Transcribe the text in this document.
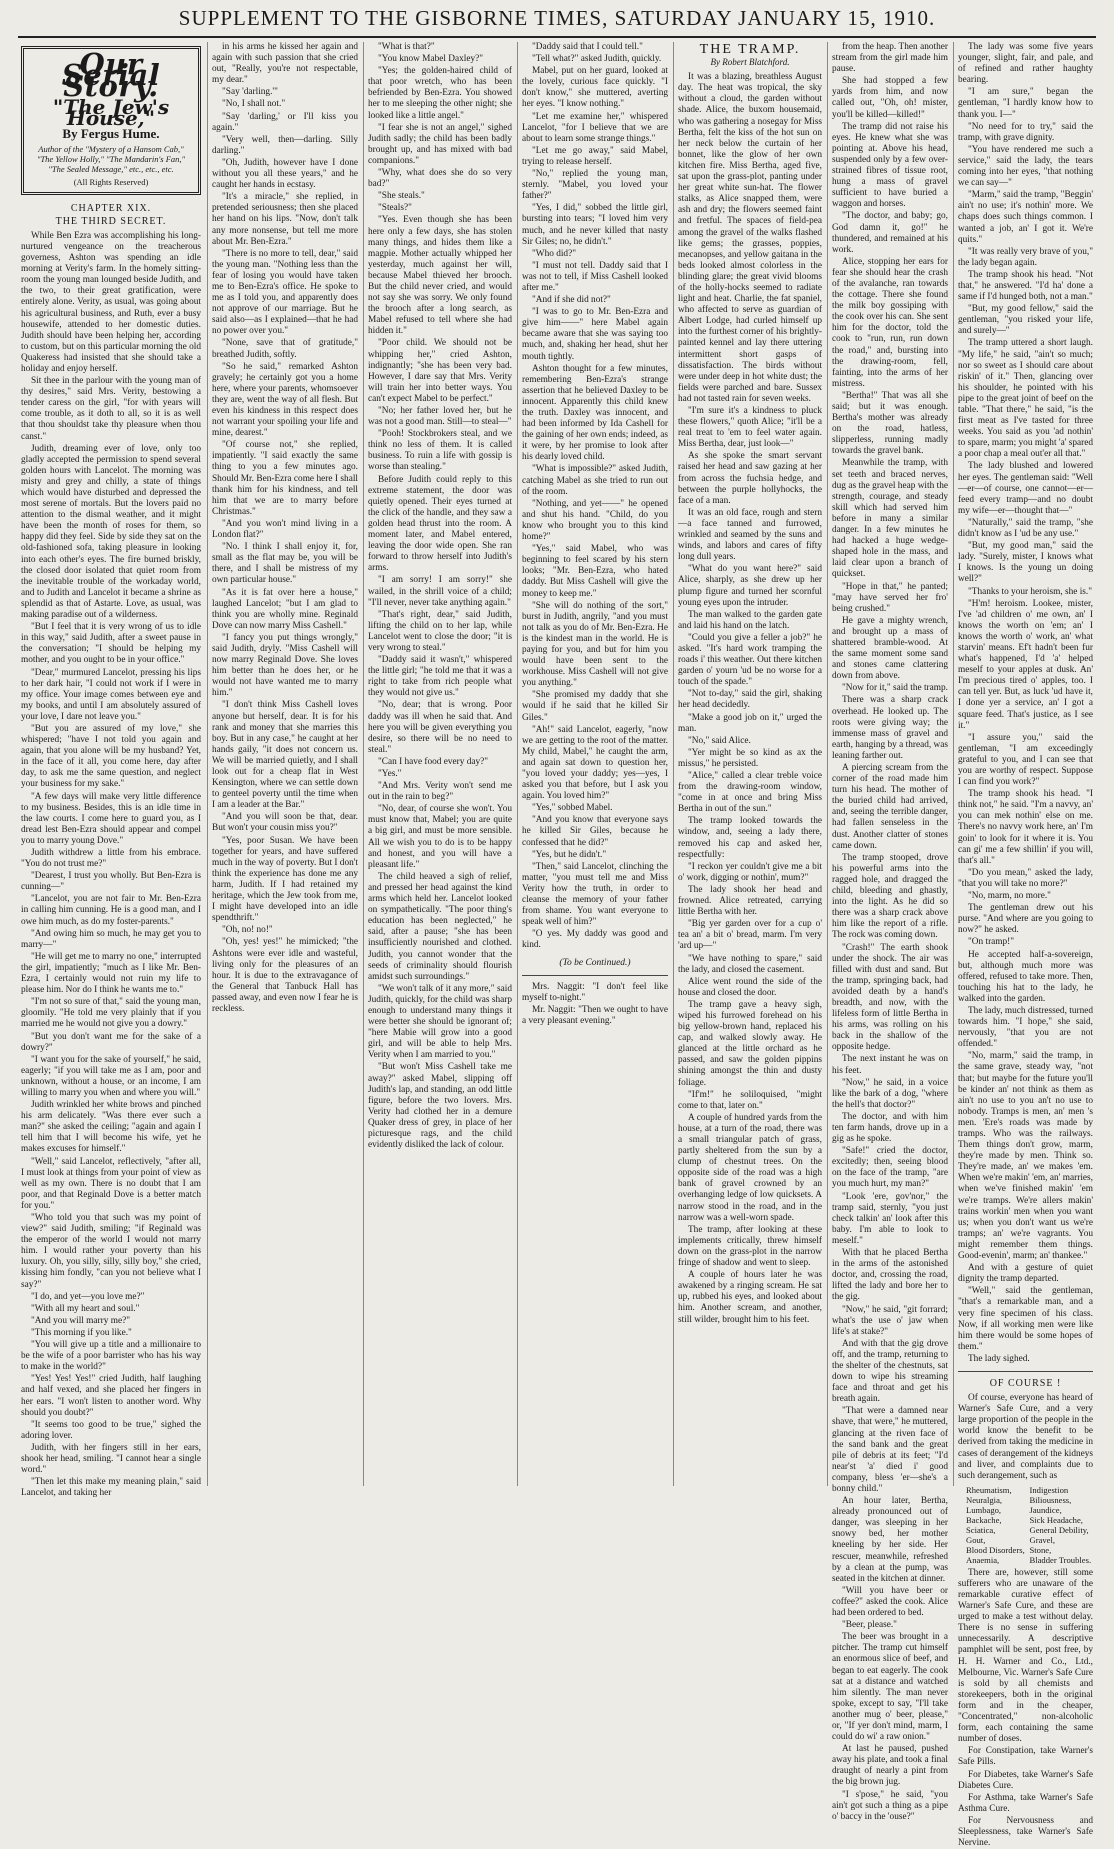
SUPPLEMENT TO THE GISBORNE TIMES, SATURDAY JANUARY 15, 1910.
Our Serial Story.
"The Jew's House,"
By Fergus Hume.
Author of the "Mystery of a Hansom Cab," "The Yellow Holly," "The Mandarin's Fan," "The Sealed Message," etc., etc., etc.
(All Rights Reserved)
CHAPTER XIX.
THE THIRD SECRET.

While Ben Ezra was accomplishing his long-nurtured vengeance on the treacherous governess, Ashton was spending an idle morning at Verity's farm. In the homely sitting-room the young man lounged beside Judith, and the two, to their great gratification, were entirely alone. Verity, as usual, was going about his agricultural business, and Ruth, ever a busy housewife, attended to her domestic duties. Judith should have been helping her, according to custom, but on this particular morning the old Quakeress had insisted that she should take a holiday and enjoy herself.

Sit thee in the parlour with the young man of thy desires," said Mrs. Verity, bestowing a tender caress on the girl, "for with years will come trouble, as it doth to all, so it is as well that thou shouldst take thy pleasure when thou canst."

Judith, dreaming ever of love, only too gladly accepted the permission to spend several golden hours with Lancelot. The morning was misty and grey and chilly, a state of things which would have disturbed and depressed the most serene of mortals. But the lovers paid no attention to the dismal weather, and it might have been the month of roses for them, so happy did they feel. Side by side they sat on the old-fashioned sofa, taking pleasure in looking into each other's eyes. The fire burned briskly, the closed door isolated that quiet room from the inevitable trouble of the workaday world, and to Judith and Lancelot it became a shrine as splendid as that of Astarte. Love, as usual, was making paradise out of a wilderness.

"But I feel that it is very wrong of us to idle in this way," said Judith, after a sweet pause in the conversation; "I should be helping my mother, and you ought to be in your office."

"Dear," murmured Lancelot, pressing his lips to her dark hair, "I could not work if I were in my office. Your image comes between eye and my books, and until I am absolutely assured of your love, I dare not leave you."

"But you are assured of my love," she whispered; "have I not told you again and again, that you alone will be my husband? Yet, in the face of it all, you come here, day after day, to ask me the same question, and neglect your business for my sake."

"A few days will make very little difference to my business. Besides, this is an idle time in the law courts. I come here to guard you, as I dread lest Ben-Ezra should appear and compel you to marry young Dove."

Judith withdrew a little from his embrace. "You do not trust me?"

"Dearest, I trust you wholly. But Ben-Ezra is cunning—"

"Lancelot, you are not fair to Mr. Ben-Ezra in calling him cunning. He is a good man, and I owe him much, as do my foster-parents."

"And owing him so much, he may get you to marry—"

"He will get me to marry no one," interrupted the girl, impatiently; "much as I like Mr. Ben-Ezra, I certainly would not ruin my life to please him. Nor do I think he wants me to."

"I'm not so sure of that," said the young man, gloomily. "He told me very plainly that if you married me he would not give you a dowry."

"But you don't want me for the sake of a dowry?"

"I want you for the sake of yourself," he said, eagerly; "if you will take me as I am, poor and unknown, without a house, or an income, I am willing to marry you when and where you will."

Judith wrinkled her white brows and pinched his arm delicately. "Was there ever such a man?" she asked the ceiling; "again and again I tell him that I will become his wife, yet he makes excuses for himself."

"Well," said Lancelot, reflectively, "after all, I must look at things from your point of view as well as my own. There is no doubt that I am poor, and that Reginald Dove is a better match for you."

"Who told you that such was my point of view?" said Judith, smiling; "if Reginald was the emperor of the world I would not marry him. I would rather your poverty than his luxury. Oh, you silly, silly, silly boy," she cried, kissing him fondly, "can you not believe what I say?"

"I do, and yet—you love me?"

"With all my heart and soul."

"And you will marry me?"

"This morning if you like."

"You will give up a title and a millionaire to be the wife of a poor barrister who has his way to make in the world?"

"Yes! Yes! Yes!" cried Judith, half laughing and half vexed, and she placed her fingers in her ears. "I won't listen to another word. Why should you doubt?"

"It seems too good to be true," sighed the adoring lover.

Judith, with her fingers still in her ears, shook her head, smiling. "I cannot hear a single word."

"Then let this make my meaning plain," said Lancelot, and taking her

in his arms he kissed her again and again with such passion that she cried out, "Really, you're not respectable, my dear."

"Say 'darling.'"

"No, I shall not."

"Say 'darling,' or I'll kiss you again."

"Very well, then—darling. Silly darling."

"Oh, Judith, however have I done without you all these years," and he caught her hands in ecstasy.

"It's a miracle," she replied, in pretended seriousness; then she placed her hand on his lips. "Now, don't talk any more nonsense, but tell me more about Mr. Ben-Ezra."

"There is no more to tell, dear," said the young man. "Nothing less than the fear of losing you would have taken me to Ben-Ezra's office. He spoke to me as I told you, and apparently does not approve of our marriage. But he said also—as I explained—that he had no power over you."

"None, save that of gratitude," breathed Judith, softly.

"So he said," remarked Ashton gravely; he certainly got you a home here, where your parents, whomsoever they are, went the way of all flesh. But even his kindness in this respect does not warrant your spoiling your life and mine, dearest."

"Of course not," she replied, impatiently. "I said exactly the same thing to you a few minutes ago. Should Mr. Ben-Ezra come here I shall thank him for his kindness, and tell him that we are to marry before Christmas."

"And you won't mind living in a London flat?"

"No. I think I shall enjoy it, for, small as the flat may be, you will be there, and I shall be mistress of my own particular house."

"As it is fat over here a house," laughed Lancelot; "but I am glad to think you are wholly mine. Reginald Dove can now marry Miss Cashell."

"I fancy you put things wrongly," said Judith, dryly. "Miss Cashell will now marry Reginald Dove. She loves him better than he does her, or he would not have wanted me to marry him."

"I don't think Miss Cashell loves anyone but herself, dear. It is for his rank and money that she marries this boy. But in any case," he caught at her hands gaily, "it does not concern us. We will be married quietly, and I shall look out for a cheap flat in West Kensington, where we can settle down to genteel poverty until the time when I am a leader at the Bar."

"And you will soon be that, dear. But won't your cousin miss you?"

"Yes, poor Susan. We have been together for years, and have suffered much in the way of poverty. But I don't think the experience has done me any harm, Judith. If I had retained my heritage, which the Jew took from me, I might have developed into an idle spendthrift."

"Oh, no! no!"

"Oh, yes! yes!" he mimicked; "the Ashtons were ever idle and wasteful, living only for the pleasures of an hour. It is due to the extravagance of the General that Tanbuck Hall has passed away, and even now I fear he is reckless.

"What is that?"

"You know Mabel Daxley?"

"Yes; the golden-haired child of that poor wretch, who has been befriended by Ben-Ezra. You showed her to me sleeping the other night; she looked like a little angel."

"I fear she is not an angel," sighed Judith sadly; the child has been badly brought up, and has mixed with bad companions."

"Why, what does she do so very bad?"

"She steals."

"Steals?"

"Yes. Even though she has been here only a few days, she has stolen many things, and hides them like a magpie. Mother actually whipped her yesterday, much against her will, because Mabel thieved her brooch. But the child never cried, and would not say she was sorry. We only found the brooch after a long search, as Mabel refused to tell where she had hidden it."

"Poor child. We should not be whipping her," cried Ashton, indignantly; "she has been very bad. However, I dare say that Mrs. Verity will train her into better ways. You can't expect Mabel to be perfect."

"No; her father loved her, but he was not a good man. Still—to steal—"

"Pooh! Stockbrokers steal, and we think no less of them. It is called business. To ruin a life with gossip is worse than stealing."

Before Judith could reply to this extreme statement, the door was quietly opened. Their eyes turned at the click of the handle, and they saw a golden head thrust into the room. A moment later, and Mabel entered, leaving the door wide open. She ran forward to throw herself into Judith's arms.

"I am sorry! I am sorry!" she wailed, in the shrill voice of a child; "I'll never, never take anything again."

"That's right, dear," said Judith, lifting the child on to her lap, while Lancelot went to close the door; "it is very wrong to steal."

"Daddy said it wasn't," whispered the little girl; "he told me that it was a right to take from rich people what they would not give us."

"No, dear; that is wrong. Poor daddy was ill when he said that. And here you will be given everything you desire, so there will be no need to steal."

"Can I have food every day?"

"Yes."

"And Mrs. Verity won't send me out in the rain to beg?"

"No, dear, of course she won't. You must know that, Mabel; you are quite a big girl, and must be more sensible. All we wish you to do is to be happy and honest, and you will have a pleasant life."

The child heaved a sigh of relief, and pressed her head against the kind arms which held her. Lancelot looked on sympathetically. "The poor thing's education has been neglected," he said, after a pause; "she has been insufficiently nourished and clothed. Judith, you cannot wonder that the seeds of criminality should flourish amidst such surroundings."

"We won't talk of it any more," said Judith, quickly, for the child was sharp enough to understand many things it were better she should be ignorant of; "here Mabie will grow into a good girl, and will be able to help Mrs. Verity when I am married to you."

"But won't Miss Cashell take me away?" asked Mabel, slipping off Judith's lap, and standing, an odd little figure, before the two lovers. Mrs. Verity had clothed her in a demure Quaker dress of grey, in place of her picturesque rags, and the child evidently disliked the lack of colour.

"Daddy said that I could tell."

"Tell what?" asked Judith, quickly.

Mabel, put on her guard, looked at the lovely, curious face quickly. "I don't know," she muttered, averting her eyes. "I know nothing."

"Let me examine her," whispered Lancelot, "for I believe that we are about to learn some strange things."

"Let me go away," said Mabel, trying to release herself.

"No," replied the young man, sternly. "Mabel, you loved your father?"

"Yes, I did," sobbed the little girl, bursting into tears; "I loved him very much, and he never killed that nasty Sir Giles; no, he didn't."

"Who did?"

"I must not tell. Daddy said that I was not to tell, if Miss Cashell looked after me."

"And if she did not?"

"I was to go to Mr. Ben-Ezra and give him——" here Mabel again became aware that she was saying too much, and, shaking her head, shut her mouth tightly.

Ashton thought for a few minutes, remembering Ben-Ezra's strange assertion that he believed Daxley to be innocent. Apparently this child knew the truth. Daxley was innocent, and had been informed by Ida Cashell for the gaining of her own ends; indeed, as it were, by her promise to look after his dearly loved child.

"What is impossible?" asked Judith, catching Mabel as she tried to run out of the room.

"Nothing, and yet——" he opened and shut his hand. "Child, do you know who brought you to this kind home?"

"Yes," said Mabel, who was beginning to feel scared by his stern looks; "Mr. Ben-Ezra, who hated daddy. But Miss Cashell will give the money to keep me."

"She will do nothing of the sort," burst in Judith, angrily, "and you must not talk as you do of Mr. Ben-Ezra. He is the kindest man in the world. He is paying for you, and but for him you would have been sent to the workhouse. Miss Cashell will not give you anything."

"She promised my daddy that she would if he said that he killed Sir Giles."

"Ah!" said Lancelot, eagerly, "now we are getting to the root of the matter. My child, Mabel," he caught the arm, and again sat down to question her, "you loved your daddy; yes—yes, I asked you that before, but I ask you again. You loved him?"

"Yes," sobbed Mabel.

"And you know that everyone says he killed Sir Giles, because he confessed that he did?"

"Yes, but he didn't."

"Then," said Lancelot, clinching the matter, "you must tell me and Miss Verity how the truth, in order to cleanse the memory of your father from shame. You want everyone to speak well of him?"

"O yes. My daddy was good and kind.

(To be Continued.)

Mrs. Naggit: "I don't feel like myself to-night."

Mr. Naggit: "Then we ought to have a very pleasant evening."

THE TRAMP.
By Robert Blatchford.

It was a blazing, breathless August day. The heat was tropical, the sky without a cloud, the garden without shade. Alice, the buxom housemaid, who was gathering a nosegay for Miss Bertha, felt the kiss of the hot sun on her neck below the curtain of her bonnet, like the glow of her own kitchen fire. Miss Bertha, aged five, sat upon the grass-plot, panting under her great white sun-hat. The flower stalks, as Alice snapped them, were ash and dry; the flowers seemed faint and fretful. The spaces of field-pea among the gravel of the walks flashed like gems; the grasses, poppies, mecanopses, and yellow gaitana in the beds looked almost colorless in the blinding glare; the great vivid blooms of the holly-hocks seemed to radiate light and heat. Charlie, the fat spaniel, who affected to serve as guardian of Albert Lodge, had curled himself up into the furthest corner of his brightly-painted kennel and lay there uttering intermittent short gasps of dissatisfaction. The birds without were under deep in hot white dust; the fields were parched and bare. Sussex had not tasted rain for seven weeks.

"I'm sure it's a kindness to pluck these flowers," quoth Alice; "it'll be a real treat to 'em to feel water again. Miss Bertha, dear, just look—"

As she spoke the smart servant raised her head and saw gazing at her from across the fuchsia hedge, and between the purple hollyhocks, the face of a man.

It was an old face, rough and stern —a face tanned and furrowed, wrinkled and seamed by the suns and winds, and labors and cares of fifty long dull years.

"What do you want here?" said Alice, sharply, as she drew up her plump figure and turned her scornful young eyes upon the intruder.

The man walked to the garden gate and laid his hand on the latch.

"Could you give a feller a job?" he asked. "It's hard work tramping the roads i' this weather. Out there kitchen garden o' yourn 'ud be no worse for a touch of the spade."

"Not to-day," said the girl, shaking her head decidedly.

"Make a good job on it," urged the man.

"No," said Alice.

"Yer might be so kind as ax the missus," he persisted.

"Alice," called a clear treble voice from the drawing-room window, "come in at once and bring Miss Bertha in out of the sun."

The tramp looked towards the window, and, seeing a lady there, removed his cap and asked her, respectfully:

"I reckon yer couldn't give me a bit o' work, digging or nothin', mum?"

The lady shook her head and frowned. Alice retreated, carrying little Bertha with her.

"Big yer garden over for a cup o' tea an' a bit o' bread, marm. I'm very 'ard up—"

"We have nothing to spare," said the lady, and closed the casement.

Alice went round the side of the house and closed the door.

The tramp gave a heavy sigh, wiped his furrowed forehead on his big yellow-brown hand, replaced his cap, and walked slowly away. He glanced at the little orchard as he passed, and saw the golden pippins shining amongst the thin and dusty foliage.

"If'm!" he soliloquised, "might come to that, later on."

A couple of hundred yards from the house, at a turn of the road, there was a small triangular patch of grass, partly sheltered from the sun by a clump of chestnut trees. On the opposite side of the road was a high bank of gravel crowned by an overhanging ledge of low quicksets. A narrow stood in the road, and in the narrow was a well-worn spade.

The tramp, after looking at these implements critically, threw himself down on the grass-plot in the narrow fringe of shadow and went to sleep.

A couple of hours later he was awakened by a ringing scream. He sat up, rubbed his eyes, and looked about him. Another scream, and another, still wilder, brought him to his feet.

from the heap. Then another stream from the girl made him pause.

She had stopped a few yards from him, and now called out, "Oh, oh! mister, you'll be killed—killed!"

The tramp did not raise his eyes. He knew what she was pointing at. Above his head, suspended only by a few over-strained fibres of tissue root, hung a mass of gravel sufficient to have buried a waggon and horses.

"The doctor, and baby; go, God damn it, go!" he thundered, and remained at his work.

Alice, stopping her ears for fear she should hear the crash of the avalanche, ran towards the cottage. There she found the milk boy gossiping with the cook over his can. She sent him for the doctor, told the cook to "run, run, run down the road," and, bursting into the drawing-room, fell, fainting, into the arms of her mistress.

"Bertha!" That was all she said; but it was enough. Bertha's mother was already on the road, hatless, slipperless, running madly towards the gravel bank.

Meanwhile the tramp, with set teeth and braced nerves, dug as the gravel heap with the strength, courage, and steady skill which had served him before in many a similar danger. In a few minutes he had hacked a huge wedge-shaped hole in the mass, and laid clear upon a branch of quickset.

"Hope in that," he panted; "may have served her fro' being crushed."

He gave a mighty wrench, and brought up a mass of shattered bramble-wood. At the same moment some sand and stones came clattering down from above.

"Now for it," said the tramp.

There was a sharp crack overhead. He looked up. The roots were giving way; the immense mass of gravel and earth, hanging by a thread, was leaning farther out.

A piercing scream from the corner of the road made him turn his head. The mother of the buried child had arrived, and, seeing the terrible danger, had fallen senseless in the dust. Another clatter of stones came down.

The tramp stooped, drove his powerful arms into the ragged hole, and dragged the child, bleeding and ghastly, into the light. As he did so there was a sharp crack above him like the report of a rifle. The rock was coming down.

"Crash!" The earth shook under the shock. The air was filled with dust and sand. But the tramp, springing back, had avoided death by a hand's breadth, and now, with the lifeless form of little Bertha in his arms, was rolling on his back in the shallow of the opposite hedge.

The next instant he was on his feet.

"Now," he said, in a voice like the bark of a dog, "where the hell's that doctor?"

The doctor, and with him ten farm hands, drove up in a gig as he spoke.

"Safe!" cried the doctor, excitedly; then, seeing blood on the face of the tramp, "are you much hurt, my man?"

"Look 'ere, gov'nor," the tramp said, sternly, "you just check talkin' an' look after this baby. I'm able to look to meself."

With that he placed Bertha in the arms of the astonished doctor, and, crossing the road, lifted the lady and bore her to the gig.

"Now," he said, "git forrard; what's the use o' jaw when life's at stake?"

And with that the gig drove off, and the tramp, returning to the shelter of the chestnuts, sat down to wipe his streaming face and throat and get his breath again.

"That were a damned near shave, that were," he muttered, glancing at the riven face of the sand bank and the great pile of debris at its feet; "I'd near'st 'a' died i' good company, bless 'er—she's a bonny child."

An hour later, Bertha, already pronounced out of danger, was sleeping in her snowy bed, her mother kneeling by her side. Her rescuer, meanwhile, refreshed by a clean at the pump, was seated in the kitchen at dinner.

"Will you have beer or coffee?" asked the cook. Alice had been ordered to bed.

"Beer, please."

The beer was brought in a pitcher. The tramp cut himself an enormous slice of beef, and began to eat eagerly. The cook sat at a distance and watched him silently. The man never spoke, except to say, "I'll take another mug o' beer, please," or, "If yer don't mind, marm, I could do wi' a raw onion."

At last he paused, pushed away his plate, and took a final draught of nearly a pint from the big brown jug.

"I s'pose," he said, "you ain't got such a thing as a pipe o' baccy in the 'ouse?"

The lady was some five years younger, slight, fair, and pale, and of refined and rather haughty bearing.

"I am sure," began the gentleman, "I hardly know how to thank you. I—"

"No need for to try," said the tramp, with grave dignity.

"You have rendered me such a service," said the lady, the tears coming into her eyes, "that nothing we can say—"

"Marm," said the tramp, "Beggin' ain't no use; it's nothin' more. We chaps does such things common. I wanted a job, an' I got it. We're quits."

"It was really very brave of you," the lady began again.

The tramp shook his head. "Not that," he answered. "I'd ha' done a same if I'd hunged both, not a man."

"But, my good fellow," said the gentleman, "you risked your life, and surely—"

The tramp uttered a short laugh. "My life," he said, "ain't so much; nor so sweet as I should care about riskin' of it." Then, glancing over his shoulder, he pointed with his pipe to the great joint of beef on the table. "That there," he said, "is the first meat as I've tasted for three weeks. You said as you 'ad nothin' to spare, marm; you might 'a' spared a poor chap a meal out'er all that."

The lady blushed and lowered her eyes. The gentleman said: "Well—er—of course, one cannot—er—feed every tramp—and no doubt my wife—er—thought that—"

"Naturally," said the tramp, "she didn't know as I 'ud be any use."

"But, my good man," said the lady. "Surely, mister, I knows what I knows. Is the young un doing well?"

"Thanks to your heroism, she is."

"H'm! heroism. Lookee, mister, I've 'ad children o' me own, an' I knows the worth on 'em; an' I knows the worth o' work, an' what starvin' means. Ef't hadn't been fur what's happened, I'd 'a' helped meself to your apples at dusk. An' I'm precious tired o' apples, too. I can tell yer. But, as luck 'ud have it, I done yer a service, an' I got a square feed. That's justice, as I see it."

"I assure you," said the gentleman, "I am exceedingly grateful to you, and I can see that you are worthy of respect. Suppose I can find you work?"

The tramp shook his head. "I think not," he said. "I'm a navvy, an' you can mek nothin' else on me. There's no navvy work here, an' I'm goin' to look for it where it is. You can gi' me a few shillin' if you will, that's all."

"Do you mean," asked the lady, "that you will take no more?"

"No, marm, no more."

The gentleman drew out his purse. "And where are you going to now?" he asked.

"On tramp!"

He accepted half-a-sovereign, but, although much more was offered, refused to take more. Then, touching his hat to the lady, he walked into the garden.

The lady, much distressed, turned towards him. "I hope," she said, nervously, "that you are not offended."

"No, marm," said the tramp, in the same grave, steady way, "not that; but maybe for the future you'll be kinder an' not think as them as ain't no use to you an't no use to nobody. Tramps is men, an' men 's men. 'Ere's roads was made by tramps. Who was the railways. Them things don't grow, marm, they're made by men. Think so. They're made, an' we makes 'em. When we're makin' 'em, an' marries, when we've finished makin' 'em we're tramps. We're allers makin' trains workin' men when you want us; when you don't want us we're tramps; an' we're vagrants. You might remember them things. Good-evenin', marm; an' thankee."

And with a gesture of quiet dignity the tramp departed.

"Well," said the gentleman, "that's a remarkable man, and a very fine specimen of his class. Now, if all working men were like him there would be some hopes of them."

The lady sighed.

OF COURSE !

Of course, everyone has heard of Warner's Safe Cure, and a very large proportion of the people in the world know the benefit to be derived from taking the medicine in cases of derangement of the kidneys and liver, and complaints due to such derangement, such as

Rheumatism,	Indigestion
Neuralgia,	Biliousness,
Lumbago,	Jaundice,
Backache,	Sick Headache,
Sciatica,	General Debility,
Gout,	Gravel,
Blood Disorders, Stone,
Anaemia,	Bladder Troubles.

There are, however, still some sufferers who are unaware of the remarkable curative effect of Warner's Safe Cure, and these are urged to make a test without delay. There is no sense in suffering unnecessarily. A descriptive pamphlet will be sent, post free, by H. H. Warner and Co., Ltd., Melbourne, Vic. Warner's Safe Cure is sold by all chemists and storekeepers, both in the original form and in the cheaper, "Concentrated," non-alcoholic form, each containing the same number of doses.

For Constipation, take Warner's Safe Pills.

For Diabetes, take Warner's Safe Diabetes Cure.

For Asthma, take Warner's Safe Asthma Cure.

For Nervousness and Sleeplessness, take Warner's Safe Nervine.
